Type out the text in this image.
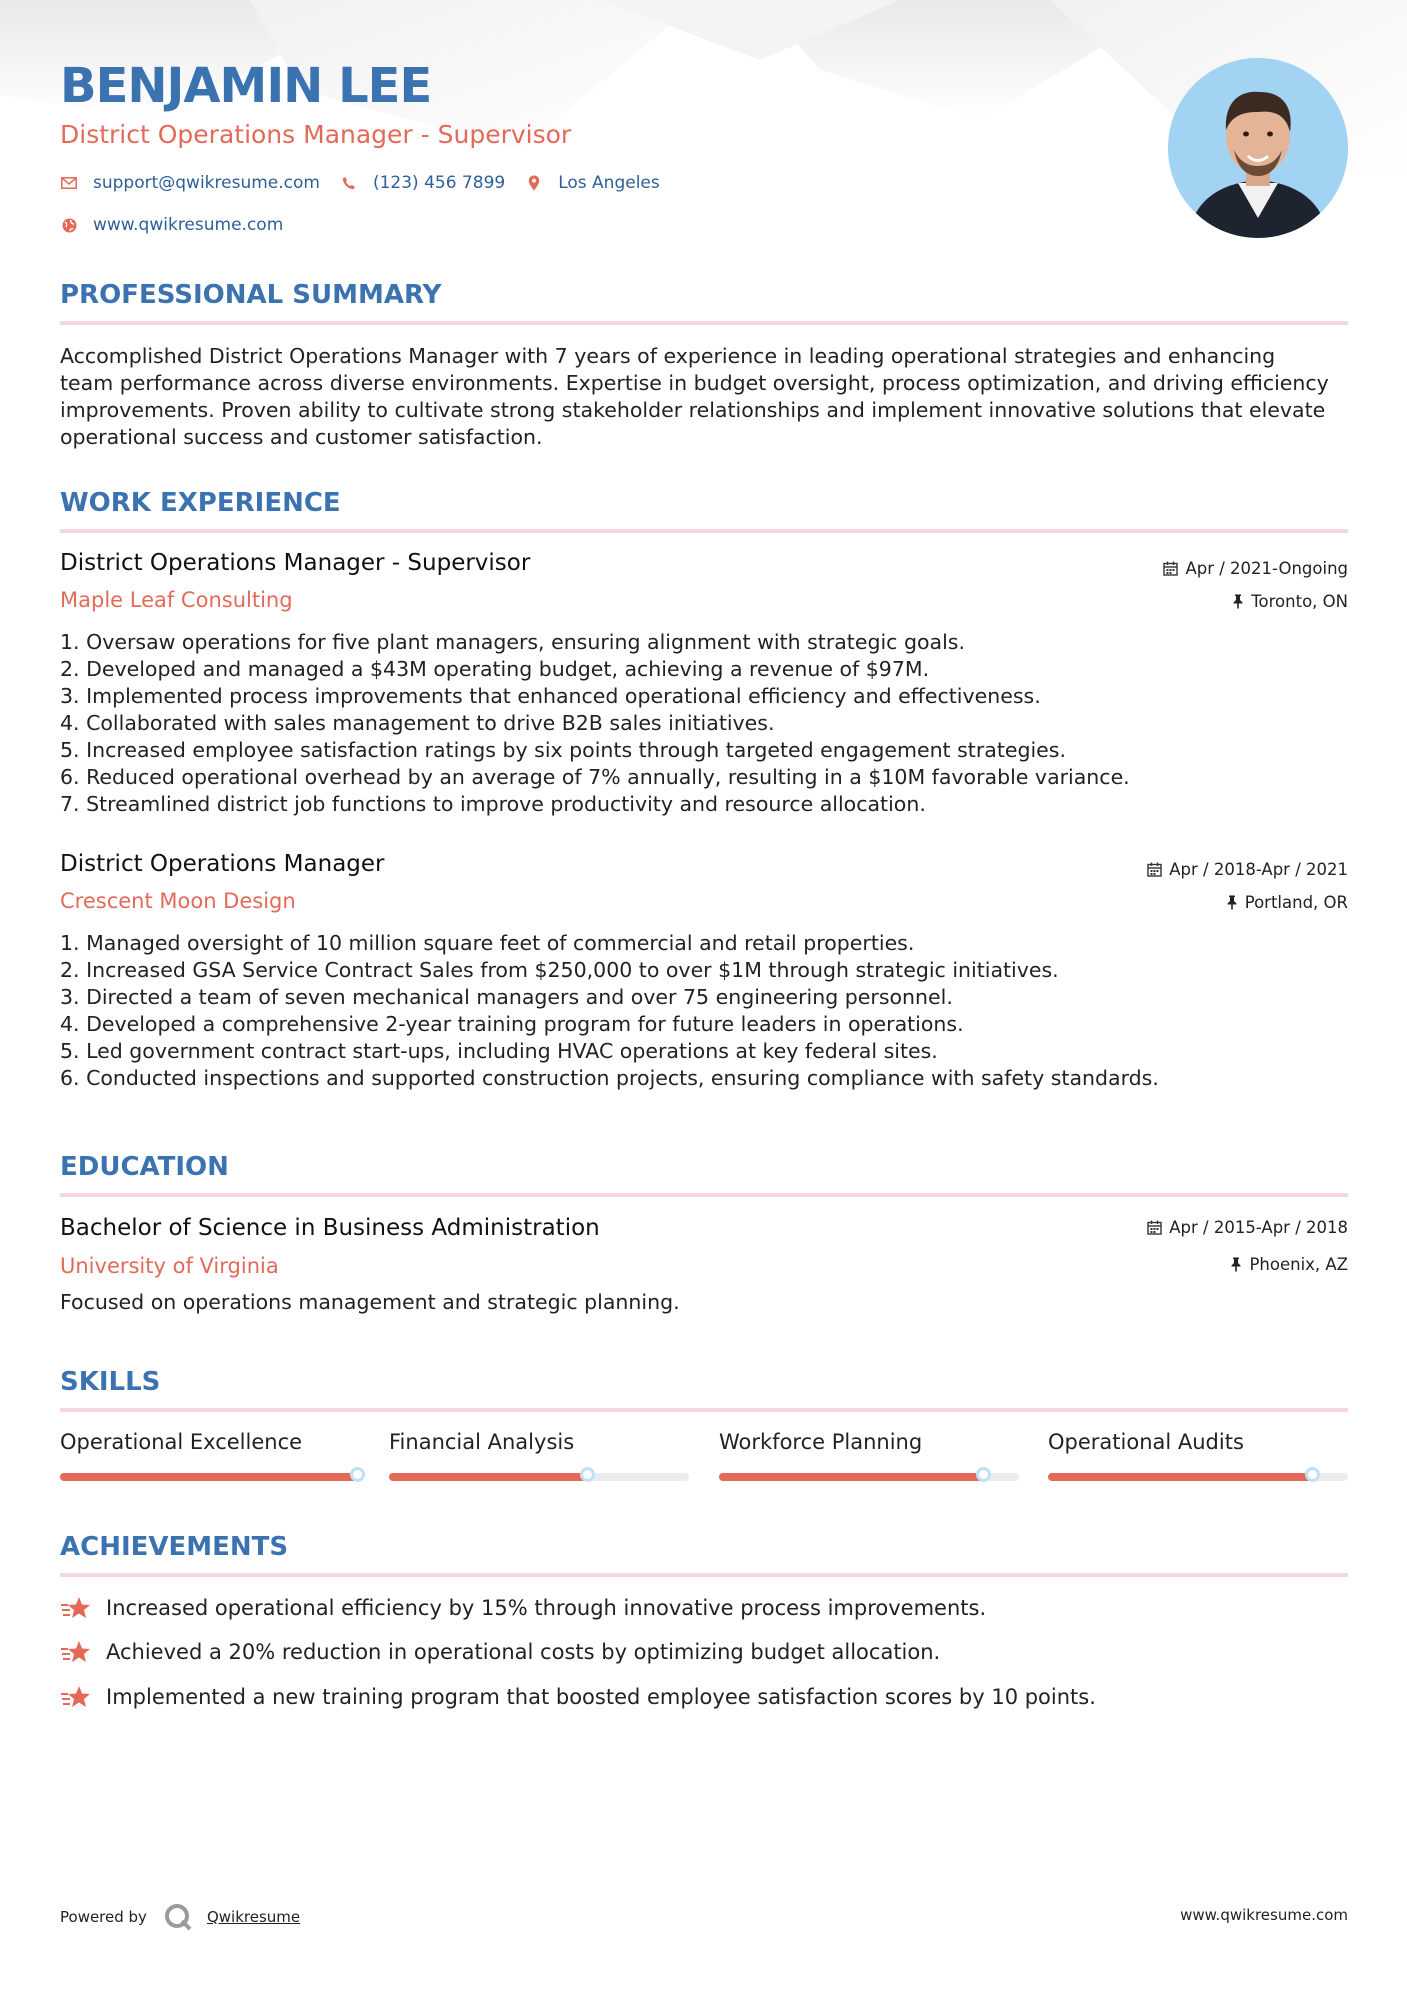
BENJAMIN LEE
District Operations Manager - Supervisor
support@qwikresume.com	(123) 456 7899	Los Angeles
www.qwikresume.com
PROFESSIONAL SUMMARY
Accomplished District Operations Manager with 7 years of experience in leading operational strategies and enhancing
team performance across diverse environments. Expertise in budget oversight, process optimization, and driving efficiency
improvements. Proven ability to cultivate strong stakeholder relationships and implement innovative solutions that elevate
operational success and customer satisfaction.
WORK EXPERIENCE
District Operations Manager - Supervisor
Maple Leaf Consulting
Apr / 2021-Ongoing
Toronto, ON
1. Oversaw operations for five plant managers, ensuring alignment with strategic goals.
2. Developed and managed a $43M operating budget, achieving a revenue of $97M.
3. Implemented process improvements that enhanced operational efficiency and effectiveness.
4. Collaborated with sales management to drive B2B sales initiatives.
5. Increased employee satisfaction ratings by six points through targeted engagement strategies.
6. Reduced operational overhead by an average of 7% annually, resulting in a $10M favorable variance.
7. Streamlined district job functions to improve productivity and resource allocation.
District Operations Manager
Crescent Moon Design
Apr / 2018-Apr / 2021
Portland, OR
1. Managed oversight of 10 million square feet of commercial and retail properties.
2. Increased GSA Service Contract Sales from $250,000 to over $1M through strategic initiatives.
3. Directed a team of seven mechanical managers and over 75 engineering personnel.
4. Developed a comprehensive 2-year training program for future leaders in operations.
5. Led government contract start-ups, including HVAC operations at key federal sites.
6. Conducted inspections and supported construction projects, ensuring compliance with safety standards.
EDUCATION
Bachelor of Science in Business Administration
University of Virginia
Apr / 2015-Apr / 2018
Phoenix, AZ
Focused on operations management and strategic planning.
SKILLS
Operational Excellence	Financial Analysis	Workforce Planning	Operational Audits
ACHIEVEMENTS
Increased operational efficiency by 15% through innovative process improvements.
Achieved a 20% reduction in operational costs by optimizing budget allocation.
Implemented a new training program that boosted employee satisfaction scores by 10 points.
Powered by	Qwikresume	www.qwikresume.com
